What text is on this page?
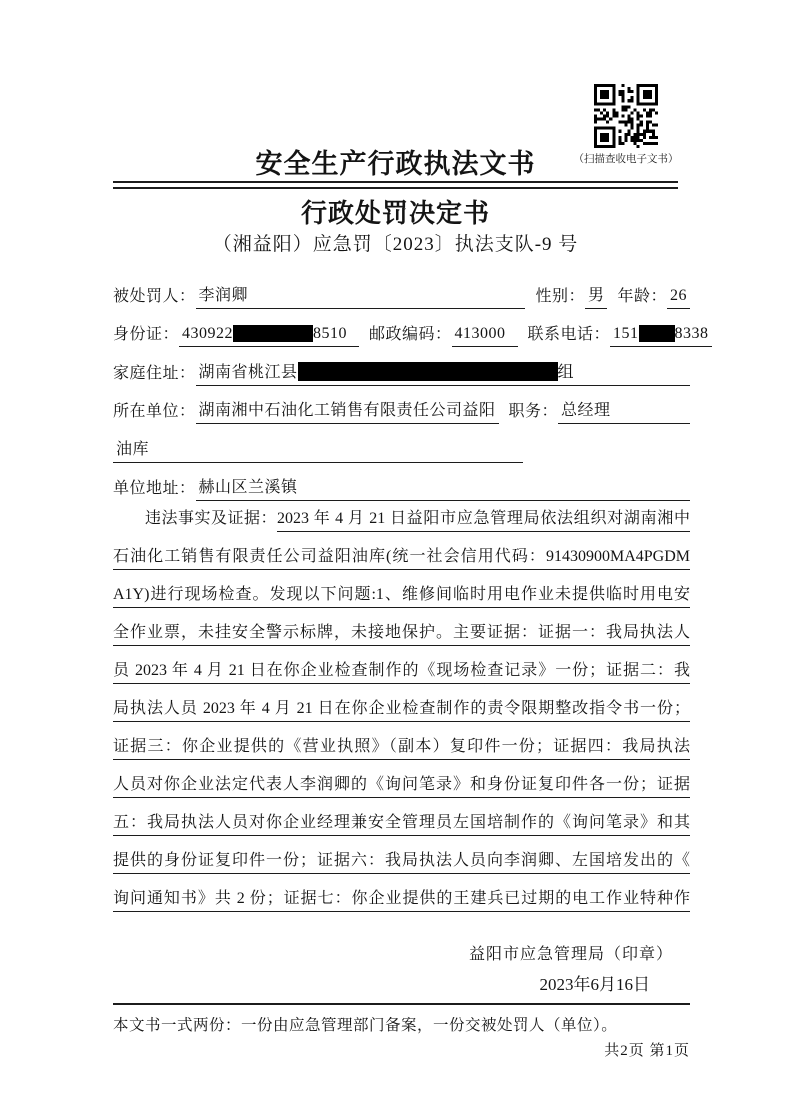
（扫描查收电子文书）
安全生产行政执法文书
行政处罚决定书
（湘益阳）应急罚〔2023〕执法支队-9 号
被处罚人： 李润卿	性别： 男 年龄： 26
身份证： 430922	8510	邮政编码： 413000	联系电话： 151 8338
家庭住址： 湖南省桃江县	组
所在单位： 湖南湘中石油化工销售有限责任公司益阳 职务： 总经理
油库
单位地址： 赫山区兰溪镇
违法事实及证据： 2023 年 4 月 21 日益阳市应急管理局依法组织对湖南湘中
石油化工销售有限责任公司益阳油库(统一社会信用代码：91430900MA4PGDM
A1Y)进行现场检查。发现以下问题:1、维修间临时用电作业未提供临时用电安
全作业票，未挂安全警示标牌，未接地保护。主要证据：证据一：我局执法人
员 2023 年 4 月 21 日在你企业检查制作的《现场检查记录》一份；证据二：我
局执法人员 2023 年 4 月 21 日在你企业检查制作的责令限期整改指令书一份；
证据三：你企业提供的《营业执照》（副本）复印件一份；证据四：我局执法
人员对你企业法定代表人李润卿的《询问笔录》和身份证复印件各一份；证据
五：我局执法人员对你企业经理兼安全管理员左国培制作的《询问笔录》和其
提供的身份证复印件一份；证据六：我局执法人员向李润卿、左国培发出的《
询问通知书》共 2 份；证据七：你企业提供的王建兵已过期的电工作业特种作
益阳市应急管理局（印章）
2023年6月16日
本文书一式两份：一份由应急管理部门备案，一份交被处罚人（单位）。
共2页 第1页
